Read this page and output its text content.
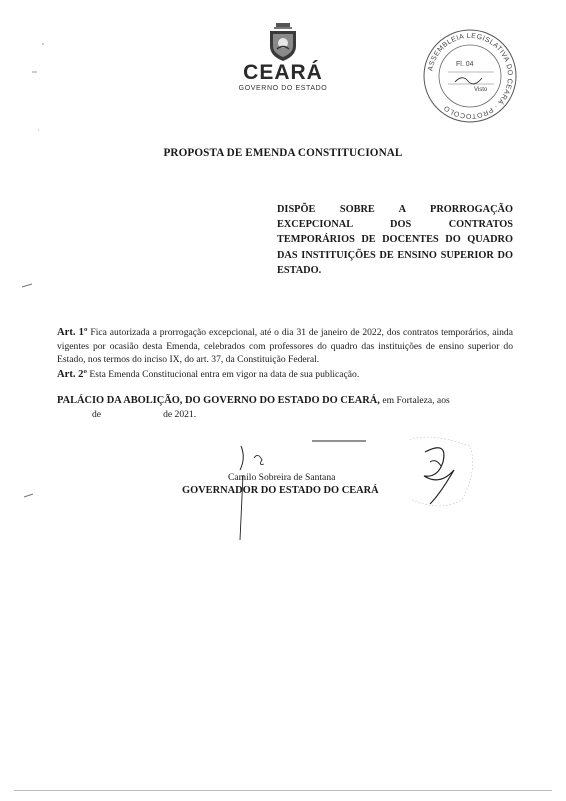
CEARÁ
GOVERNO DO ESTADO
ASSEMBLEIA LEGISLATIVA DO CEARÁ · PROTOCOLO
Fl. 04
Visto
PROPOSTA DE EMENDA CONSTITUCIONAL
DISPÕE SOBRE A PRORROGAÇÃO EXCEPCIONAL DOS CONTRATOS TEMPORÁRIOS DE DOCENTES DO QUADRO DAS INSTITUIÇÕES DE ENSINO SUPERIOR DO ESTADO.
Art. 1º Fica autorizada a prorrogação excepcional, até o dia 31 de janeiro de 2022, dos contratos temporários, ainda vigentes por ocasião desta Emenda, celebrados com professores do quadro das instituições de ensino superior do Estado, nos termos do inciso IX, do art. 37, da Constituição Federal.
Art. 2º Esta Emenda Constitucional entra em vigor na data de sua publicação.
PALÁCIO DA ABOLIÇÃO, DO GOVERNO DO ESTADO DO CEARÁ, em Fortaleza, aos
de	de 2021.
Camilo Sobreira de Santana
GOVERNADOR DO ESTADO DO CEARÁ
